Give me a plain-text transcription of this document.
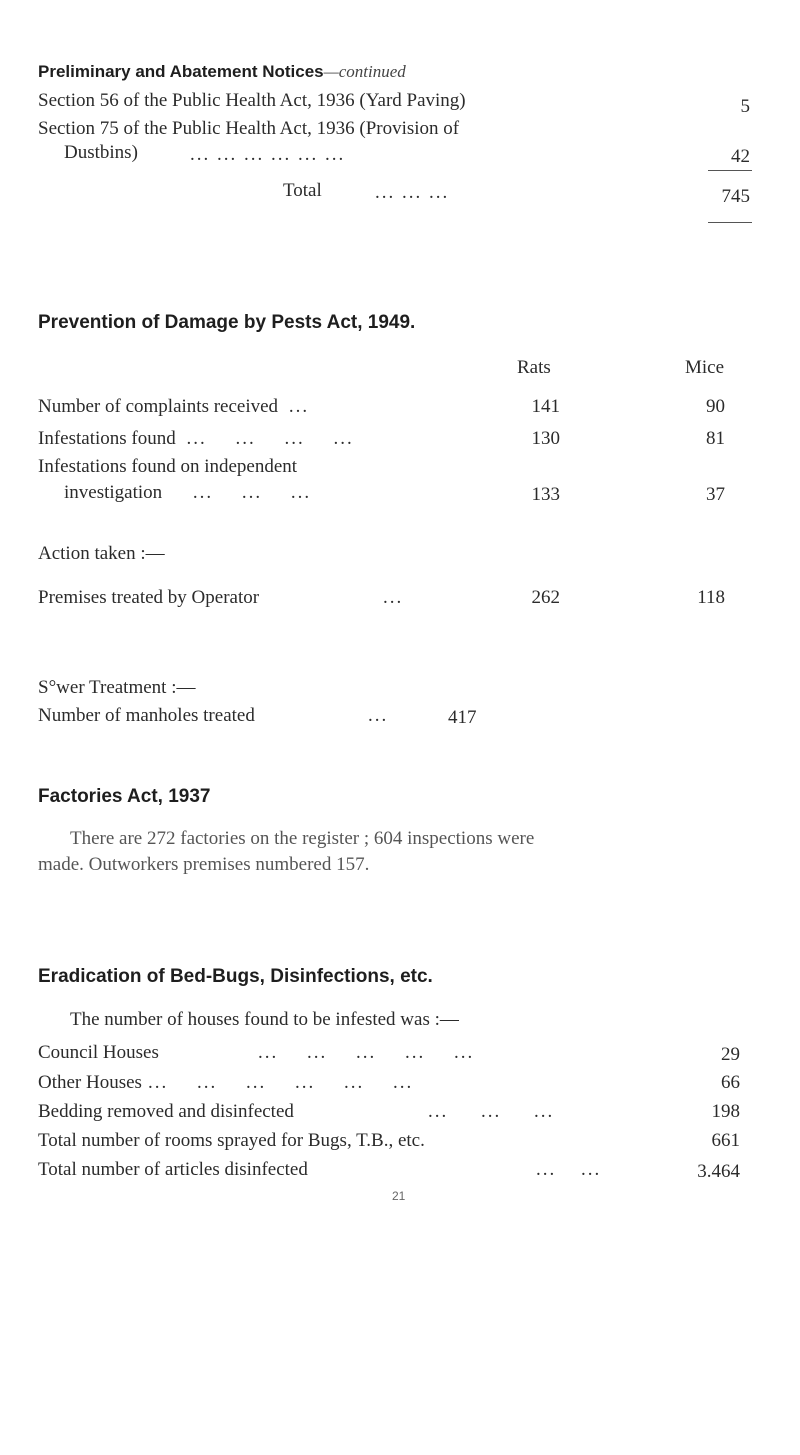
Preliminary and Abatement Notices—continued
Section 56 of the Public Health Act, 1936 (Yard Paving)	5
Section 75 of the Public Health Act, 1936 (Provision of
Dustbins)	... ... ... ... ... ...	42
Total	... ... ...	745
Prevention of Damage by Pests Act, 1949.
Rats	Mice
Number of complaints received ...	141	90
Infestations found ... ... ... ...	130	81
Infestations found on independent
investigation ... ... ...	133	37
Action taken :—
Premises treated by Operator	...	262	118
S°wer Treatment :—
Number of manholes treated	...	417
Factories Act, 1937
There are 272 factories on the register ; 604 inspections were
made. Outworkers premises numbered 157.
Eradication of Bed-Bugs, Disinfections, etc.
The number of houses found to be infested was :—
Council Houses	... ... ... ... ...	29
Other Houses ... ... ... ... ... ...	66
Bedding removed and disinfected	... ... ...	198
Total number of rooms sprayed for Bugs, T.B., etc.	661
Total number of articles disinfected	... ...	3.464
21
